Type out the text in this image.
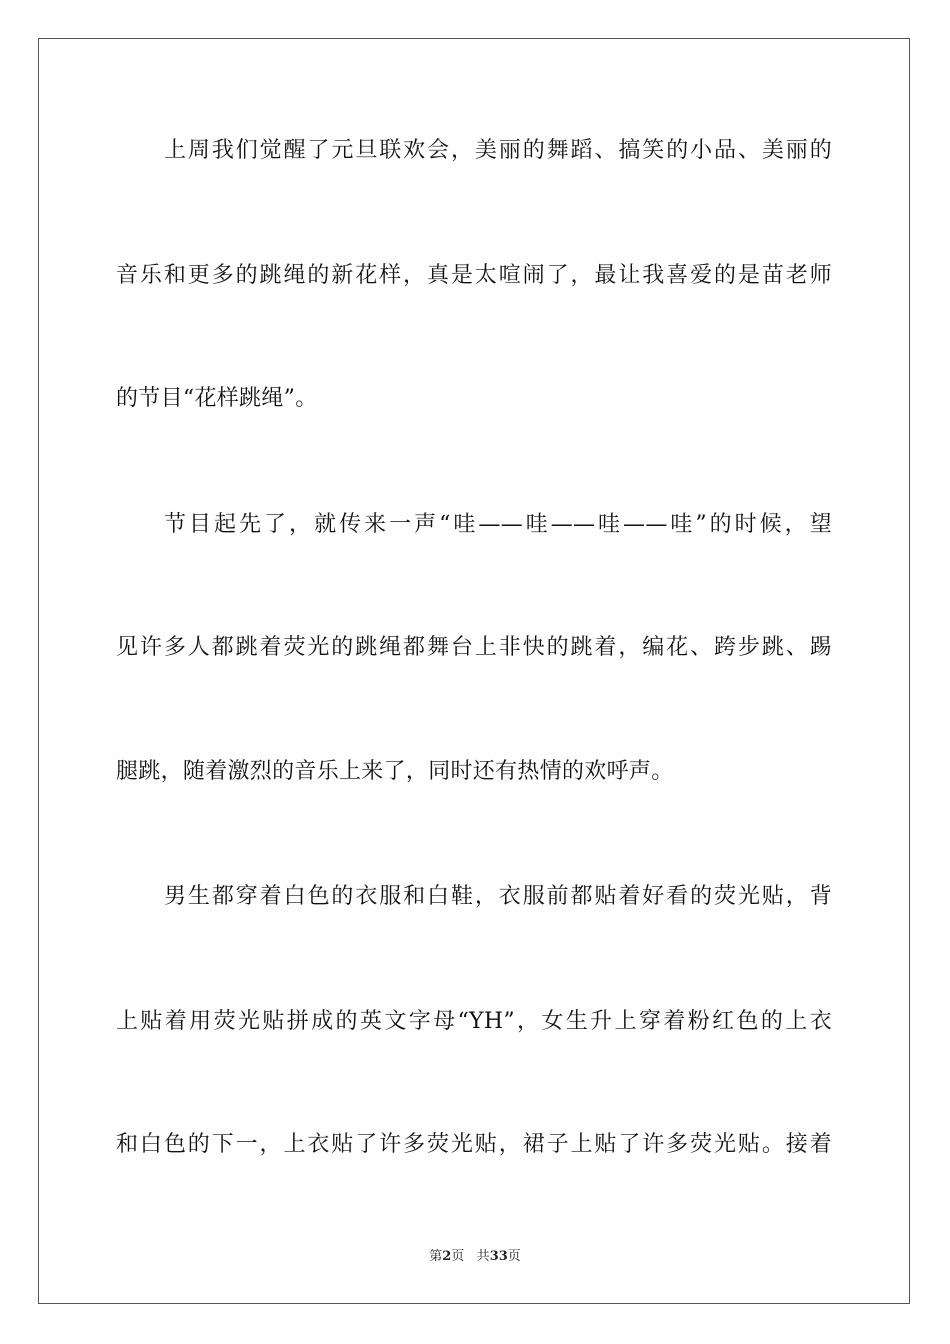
上周我们觉醒了元旦联欢会，美丽的舞蹈、搞笑的小品、美丽的
音乐和更多的跳绳的新花样，真是太喧闹了，最让我喜爱的是苗老师
的节目“花样跳绳”。
节目起先了，就传来一声“哇——哇——哇——哇”的时候，望
见许多人都跳着荧光的跳绳都舞台上非快的跳着，编花、跨步跳、踢
腿跳，随着激烈的音乐上来了，同时还有热情的欢呼声。
男生都穿着白色的衣服和白鞋，衣服前都贴着好看的荧光贴，背
上贴着用荧光贴拼成的英文字母“YH”，女生升上穿着粉红色的上衣
和白色的下一，上衣贴了许多荧光贴，裙子上贴了许多荧光贴。接着
第2页 共33页
